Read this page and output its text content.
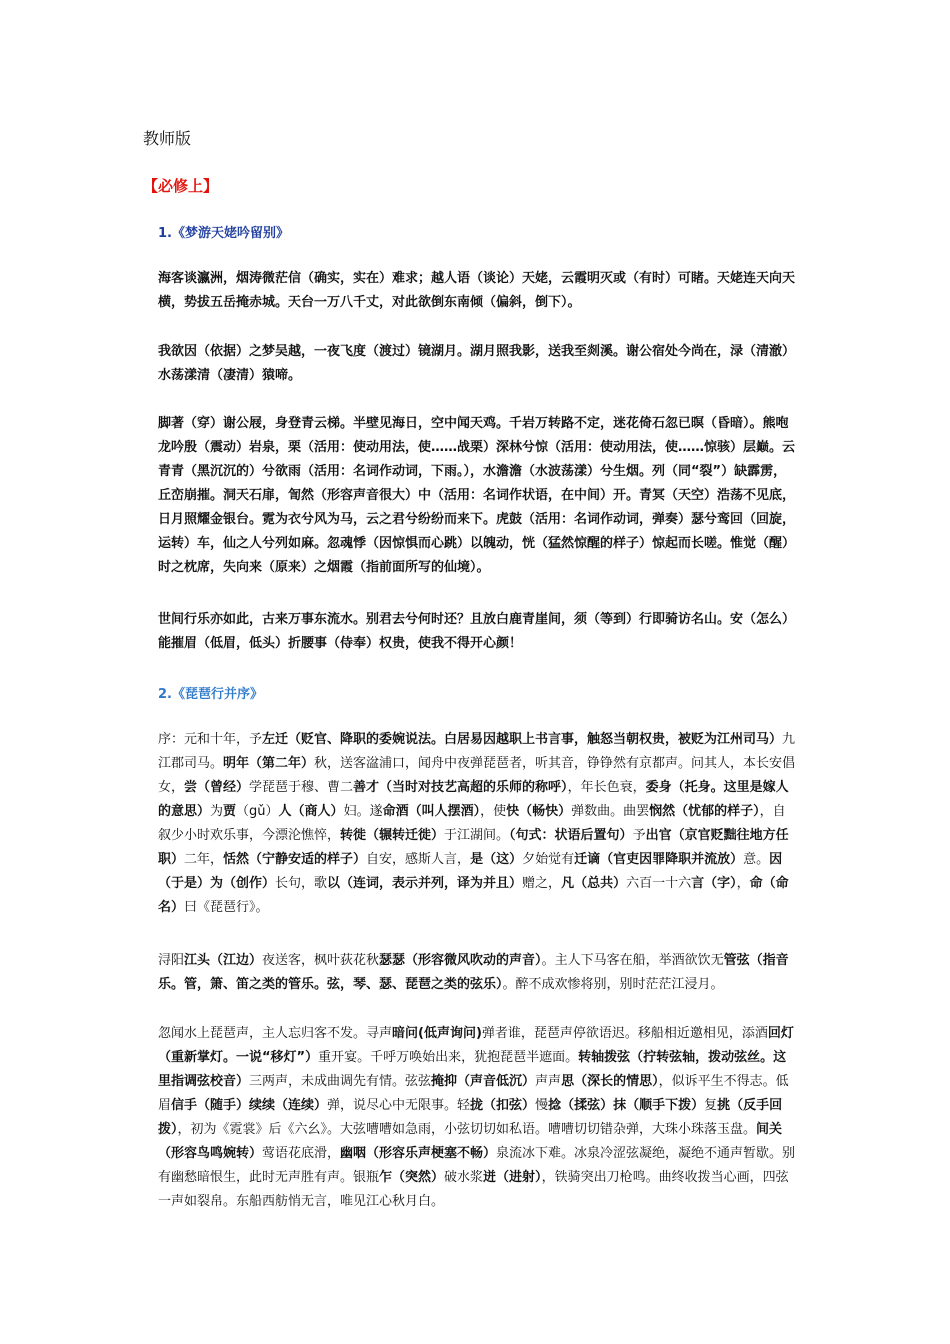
教师版
【必修上】
1.《梦游天姥吟留别》
海客谈瀛洲，烟涛微茫信（确实，实在）难求；越人语（谈论）天姥，云霞明灭或（有时）可睹。天姥连天向天横，势拔五岳掩赤城。天台一万八千丈，对此欲倒东南倾（偏斜，倒下）。
我欲因（依据）之梦吴越，一夜飞度（渡过）镜湖月。湖月照我影，送我至剡溪。谢公宿处今尚在，渌（清澈）水荡漾清（凄清）猿啼。
脚著（穿）谢公屐，身登青云梯。半壁见海日，空中闻天鸡。千岩万转路不定，迷花倚石忽已暝（昏暗）。熊咆龙吟殷（震动）岩泉，栗（活用：使动用法，使……战栗）深林兮惊（活用：使动用法，使……惊骇）层巅。云青青（黑沉沉的）兮欲雨（活用：名词作动词，下雨。），水澹澹（水波荡漾）兮生烟。列（同“裂”）缺霹雳，丘峦崩摧。洞天石扉，訇然（形容声音很大）中（活用：名词作状语，在中间）开。青冥（天空）浩荡不见底，日月照耀金银台。霓为衣兮风为马，云之君兮纷纷而来下。虎鼓（活用：名词作动词，弹奏）瑟兮鸾回（回旋，运转）车，仙之人兮列如麻。忽魂悸（因惊惧而心跳）以魄动，恍（猛然惊醒的样子）惊起而长嗟。惟觉（醒）时之枕席，失向来（原来）之烟霞（指前面所写的仙境）。
世间行乐亦如此，古来万事东流水。别君去兮何时还？且放白鹿青崖间，须（等到）行即骑访名山。安（怎么）能摧眉（低眉，低头）折腰事（侍奉）权贵，使我不得开心颜！
2.《琵琶行并序》
序：元和十年，予左迁（贬官、降职的委婉说法。白居易因越职上书言事，触怒当朝权贵，被贬为江州司马）九江郡司马。明年（第二年）秋，送客湓浦口，闻舟中夜弹琵琶者，听其音，铮铮然有京都声。问其人，本长安倡女，尝（曾经）学琵琶于穆、曹二善才（当时对技艺高超的乐师的称呼），年长色衰，委身（托身。这里是嫁人的意思）为贾（gǔ）人（商人）妇。遂命酒（叫人摆酒），使快（畅快）弹数曲。曲罢悯然（忧郁的样子），自叙少小时欢乐事，今漂沦憔悴，转徙（辗转迁徙）于江湖间。（句式：状语后置句）予出官（京官贬黜往地方任职）二年，恬然（宁静安适的样子）自安，感斯人言，是（这）夕始觉有迁谪（官吏因罪降职并流放）意。因（于是）为（创作）长句，歌以（连词，表示并列，译为并且）赠之，凡（总共）六百一十六言（字），命（命名）曰《琵琶行》。
浔阳江头（江边）夜送客，枫叶荻花秋瑟瑟（形容微风吹动的声音）。主人下马客在船，举酒欲饮无管弦（指音乐。管，箫、笛之类的管乐。弦，琴、瑟、琵琶之类的弦乐）。醉不成欢惨将别，别时茫茫江浸月。
忽闻水上琵琶声，主人忘归客不发。寻声暗问(低声询问)弹者谁，琵琶声停欲语迟。移船相近邀相见，添酒回灯（重新掌灯。一说“移灯”）重开宴。千呼万唤始出来，犹抱琵琶半遮面。转轴拨弦（拧转弦轴，拨动弦丝。这里指调弦校音）三两声，未成曲调先有情。弦弦掩抑（声音低沉）声声思（深长的情思），似诉平生不得志。低眉信手（随手）续续（连续）弹，说尽心中无限事。轻拢（扣弦）慢捻（揉弦）抹（顺手下拨）复挑（反手回拨），初为《霓裳》后《六幺》。大弦嘈嘈如急雨，小弦切切如私语。嘈嘈切切错杂弹，大珠小珠落玉盘。间关（形容鸟鸣婉转）莺语花底滑，幽咽（形容乐声梗塞不畅）泉流冰下难。冰泉冷涩弦凝绝，凝绝不通声暂歇。别有幽愁暗恨生，此时无声胜有声。银瓶乍（突然）破水浆迸（进射），铁骑突出刀枪鸣。曲终收拨当心画，四弦一声如裂帛。东船西舫悄无言，唯见江心秋月白。
